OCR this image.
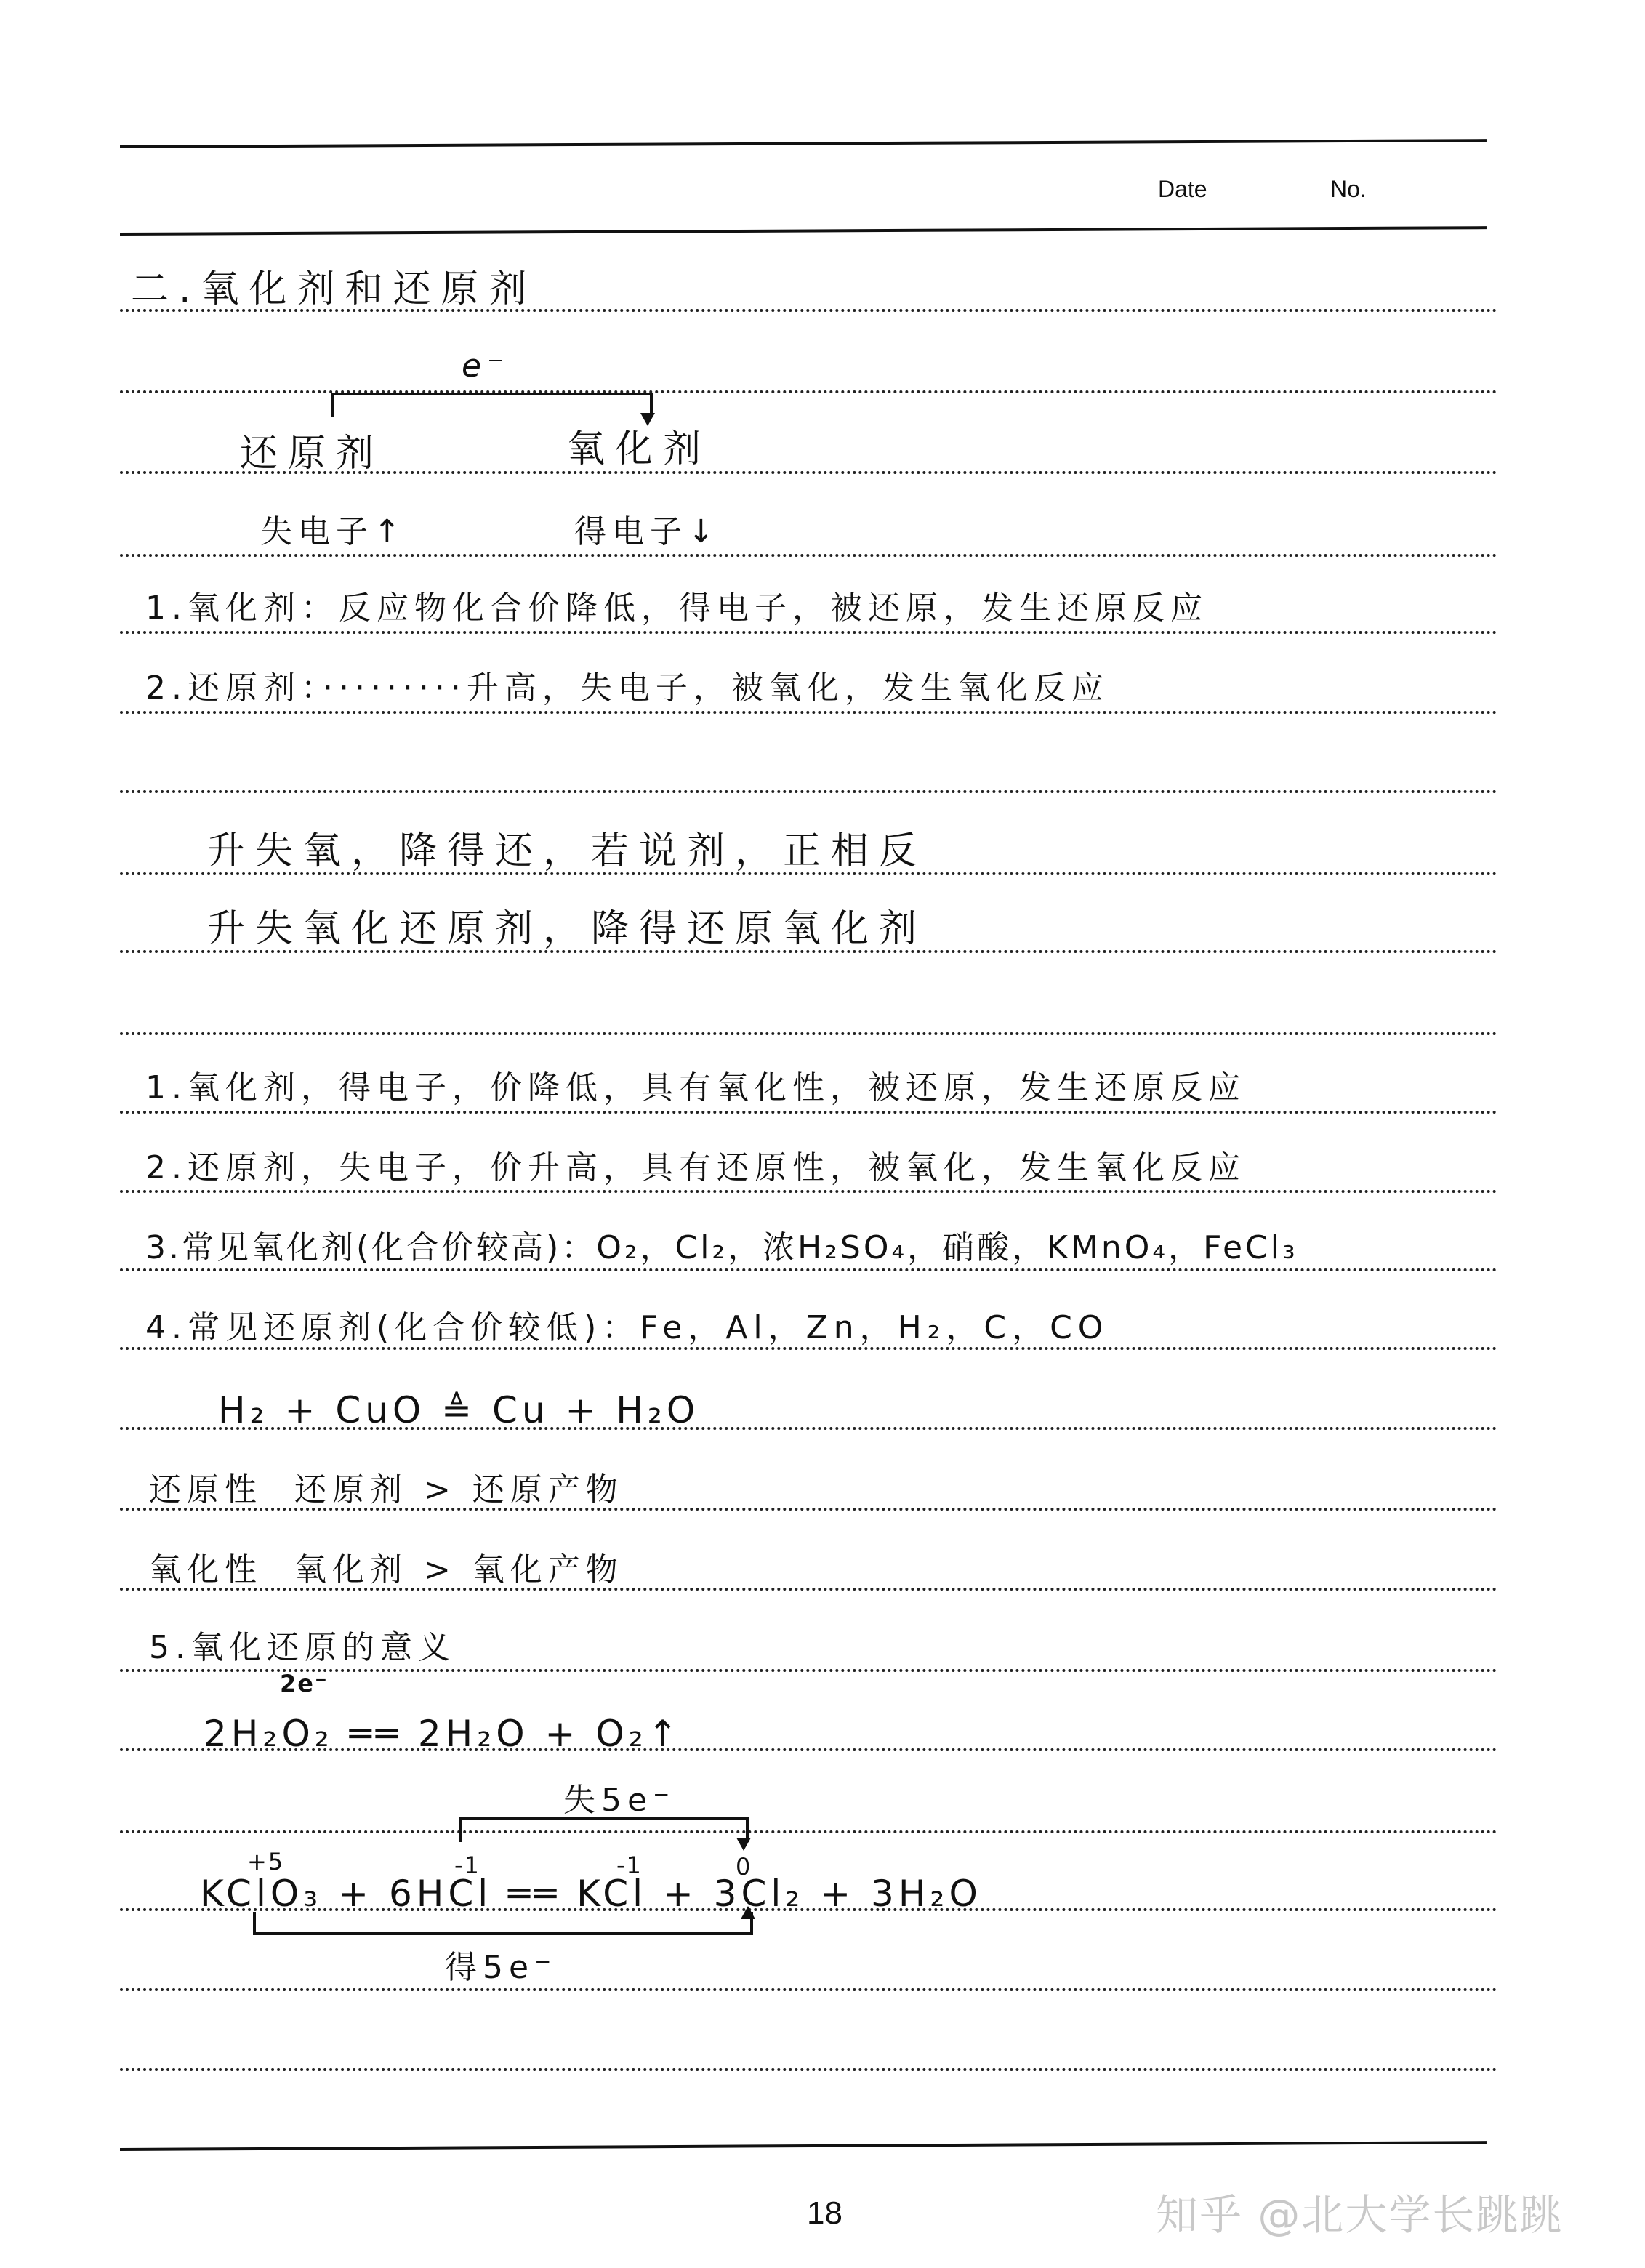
Date	No.
二.氧化剂和还原剂
e⁻
还原剂	氧化剂
失电子↑	得电子↓
1.氧化剂：反应物化合价降低，得电子，被还原，发生还原反应
2.还原剂：·········升高，失电子，被氧化，发生氧化反应
升失氧，降得还，若说剂，正相反
升失氧化还原剂，降得还原氧化剂
1.氧化剂，得电子，价降低，具有氧化性，被还原，发生还原反应
2.还原剂，失电子，价升高，具有还原性，被氧化，发生氧化反应
3.常见氧化剂(化合价较高)：O₂，Cl₂，浓H₂SO₄，硝酸，KMnO₄，FeCl₃
4.常见还原剂(化合价较低)：Fe，Al，Zn，H₂，C，CO
H₂ + CuO ≜ Cu + H₂O
还原性  还原剂 > 还原产物
氧化性  氧化剂 > 氧化产物
5.氧化还原的意义
2e⁻
2H₂O₂ ══ 2H₂O + O₂↑
失5e⁻
+5	-1	-1	0
KClO₃ + 6HCl ══ KCl + 3Cl₂ + 3H₂O
得5e⁻
18	知乎 @北大学长跳跳
